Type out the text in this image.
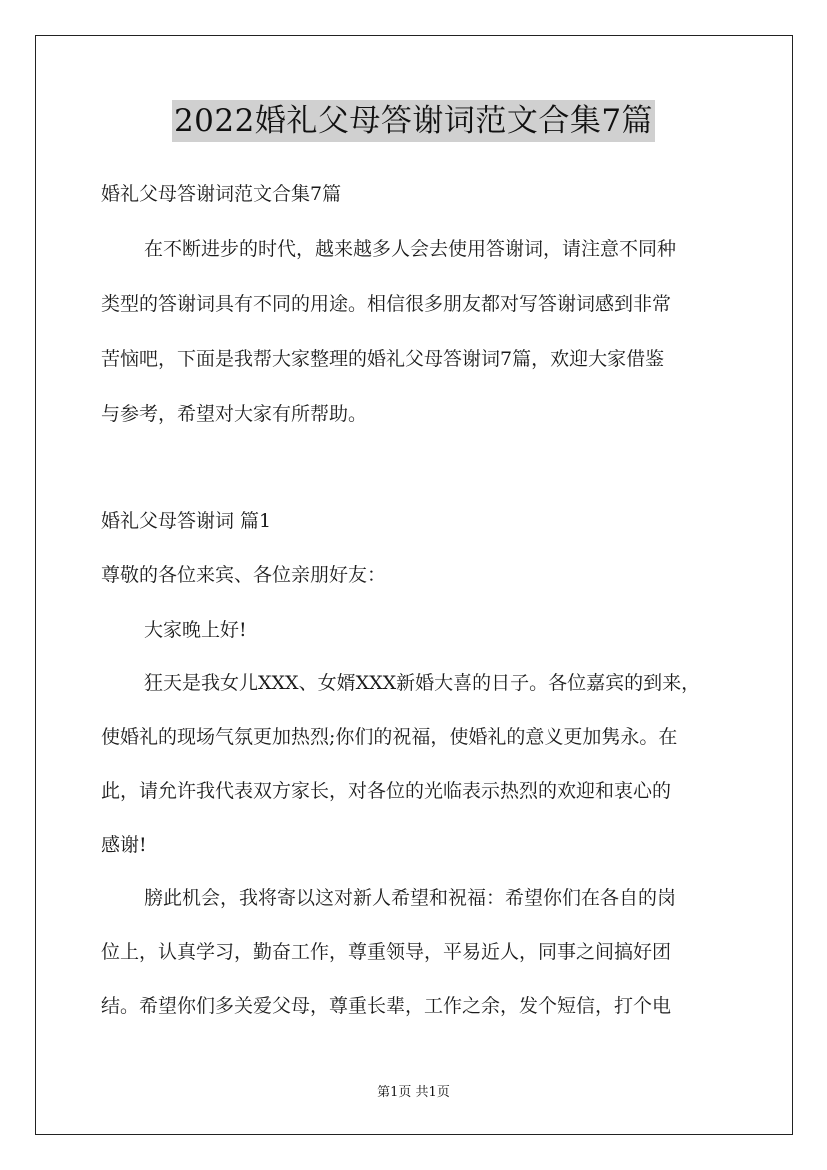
2022婚礼父母答谢词范文合集7篇
婚礼父母答谢词范文合集7篇
在不断进步的时代，越来越多人会去使用答谢词，请注意不同种
类型的答谢词具有不同的用途。相信很多朋友都对写答谢词感到非常
苦恼吧，下面是我帮大家整理的婚礼父母答谢词7篇，欢迎大家借鉴
与参考，希望对大家有所帮助。
婚礼父母答谢词 篇1
尊敬的各位来宾、各位亲朋好友：
大家晚上好!
狂天是我女儿XXX、女婿XXX新婚大喜的日子。各位嘉宾的到来，
使婚礼的现场气氛更加热烈;你们的祝福，使婚礼的意义更加隽永。在
此，请允许我代表双方家长，对各位的光临表示热烈的欢迎和衷心的
感谢!
膀此机会，我将寄以这对新人希望和祝福：希望你们在各自的岗
位上，认真学习，勤奋工作，尊重领导，平易近人，同事之间搞好团
结。希望你们多关爱父母，尊重长辈，工作之余，发个短信，打个电
第1页 共1页
